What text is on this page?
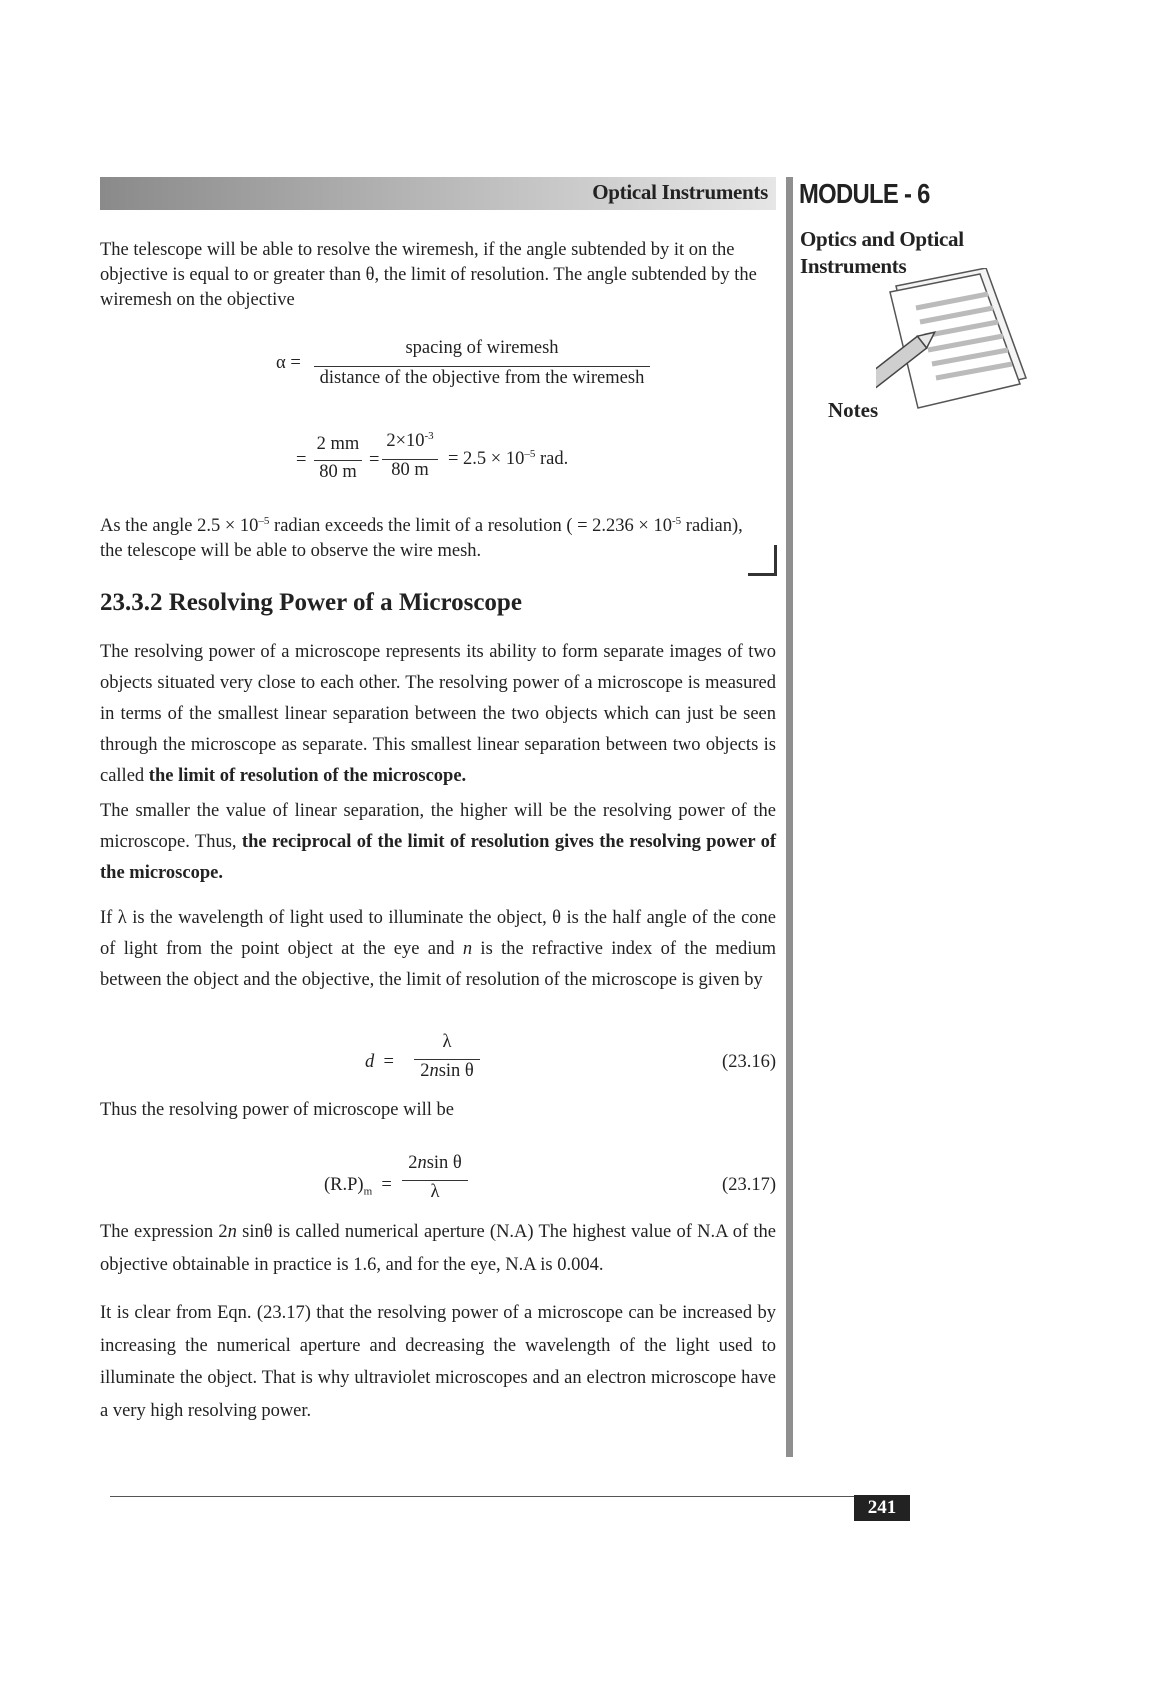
Optical Instruments MODULE - 6
Optics and Optical
Instruments
Notes
The telescope will be able to resolve the wiremesh, if the angle subtended by it on the
objective is equal to or greater than θ, the limit of resolution. The angle subtended by the
wiremesh on the objective
α =
spacing of wiremesh
distance of the objective from the wiremesh
=
2 mm
80 m
=
$2\times 10^{-3}$
80 m
= $2.5 \times 10^{-5}$ rad.
As the angle $2.5 \times 10^{-5}$ radian exceeds the limit of a resolution ( = $2.236 \times 10^{-5}$ radian),
the telescope will be able to observe the wire mesh.
23.3.2 Resolving Power of a Microscope
The resolving power of a microscope represents its ability to form separate images of two objects situated very close to each other. The resolving power of a microscope is measured in terms of the smallest linear separation between the two objects which can just be seen through the microscope as separate. This smallest linear separation between two objects is called the limit of resolution of the microscope.
The smaller the value of linear separation, the higher will be the resolving power of the microscope. Thus, the reciprocal of the limit of resolution gives the resolving power of the microscope.
If λ is the wavelength of light used to illuminate the object, θ is the half angle of the cone of light from the point object at the eye and n is the refractive index of the medium between the object and the objective, the limit of resolution of the microscope is given by
d =
λ
2nsin θ	(23.16)
Thus the resolving power of microscope will be
$(R.P)_m$ =
2nsin θ
λ	(23.17)
The expression 2n sinθ is called numerical aperture (N.A) The highest value of N.A of the objective obtainable in practice is 1.6, and for the eye, N.A is 0.004.
It is clear from Eqn. (23.17) that the resolving power of a microscope can be increased by increasing the numerical aperture and decreasing the wavelength of the light used to illuminate the object. That is why ultraviolet microscopes and an electron microscope have a very high resolving power.
241
